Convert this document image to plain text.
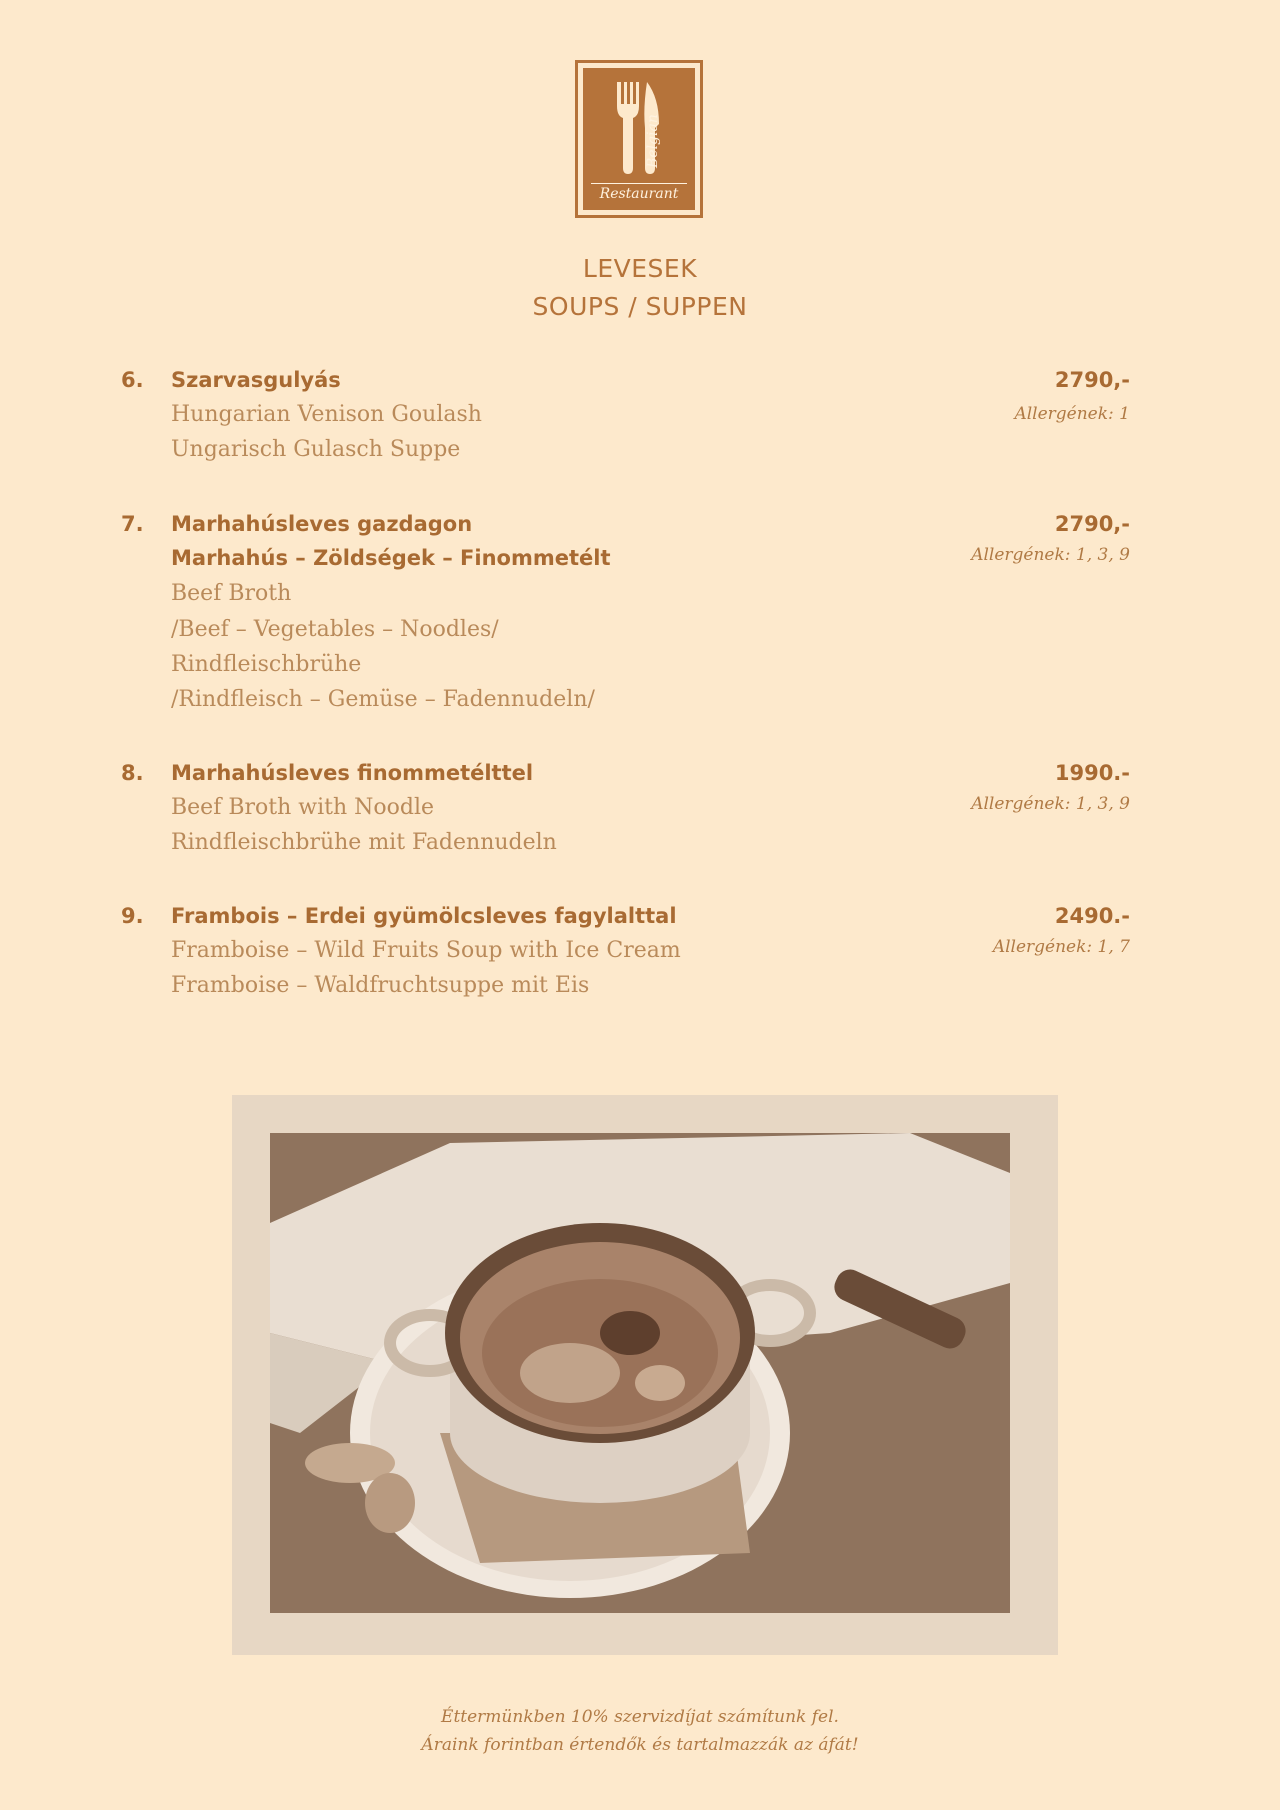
Belgian
Restaurant
LEVESEK
SOUPS / SUPPEN
6. Szarvasgulyás
Hungarian Venison Goulash
Ungarisch Gulasch Suppe
2790,-
Allergének: 1
7. Marhahúsleves gazdagon
Marhahús – Zöldségek – Finommetélt
Beef Broth
/Beef – Vegetables – Noodles/
Rindfleischbrühe
/Rindfleisch – Gemüse – Fadennudeln/
2790,-
Allergének: 1, 3, 9
8. Marhahúsleves finommetélttel
Beef Broth with Noodle
Rindfleischbrühe mit Fadennudeln
1990.-
Allergének: 1, 3, 9
9. Frambois – Erdei gyümölcsleves fagylalttal
Framboise – Wild Fruits Soup with Ice Cream
Framboise – Waldfruchtsuppe mit Eis
2490.-
Allergének: 1, 7
Éttermünkben 10% szervizdíjat számítunk fel.
Áraink forintban értendők és tartalmazzák az áfát!
